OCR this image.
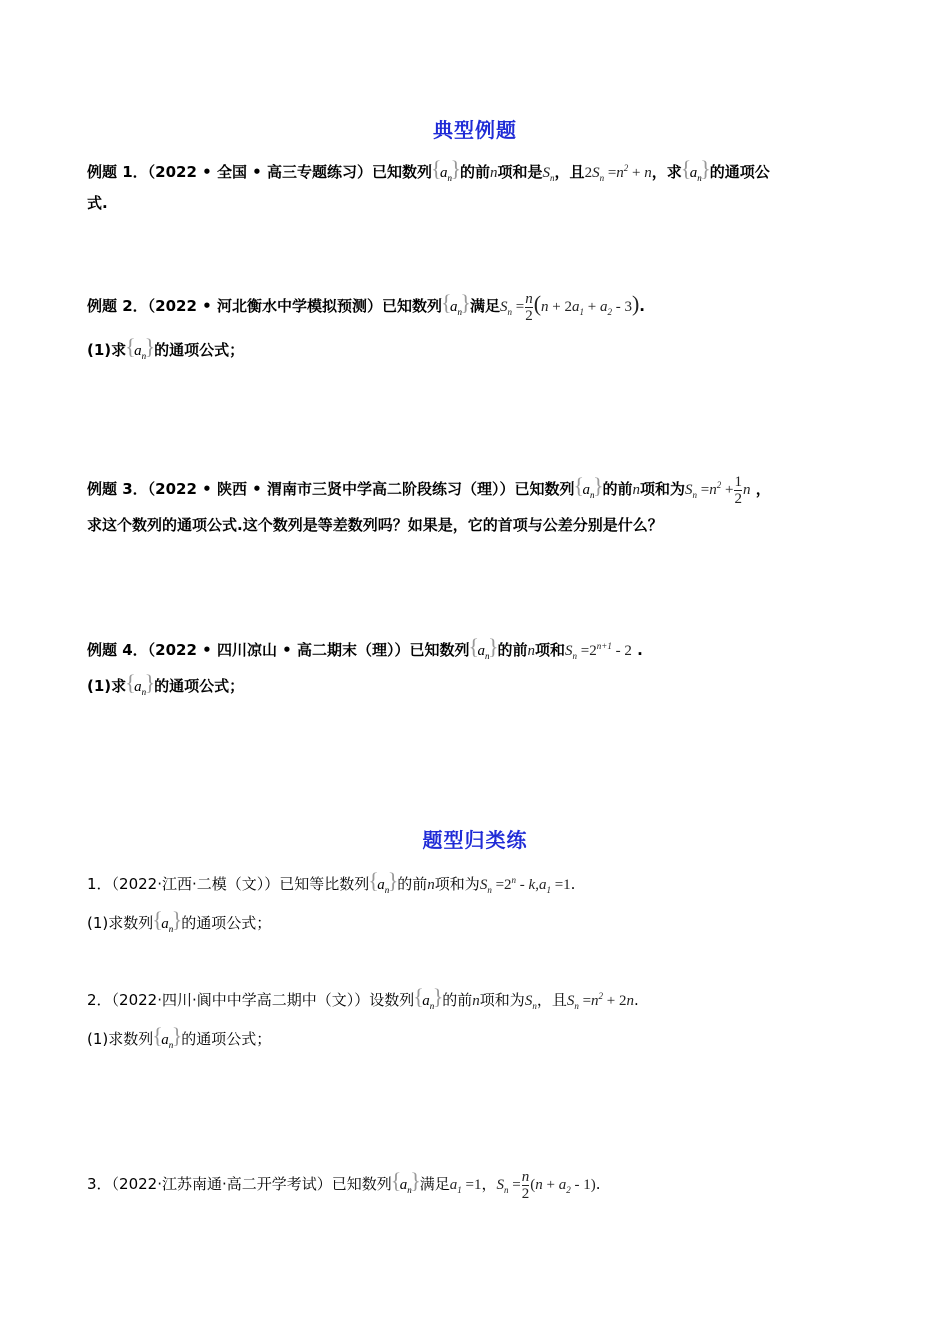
典型例题
例题 1．（2022 • 全国 • 高三专题练习）已知数列 { $a_n$ } 的前n项和是$S_n$，且$2S_n =n^2 + n$，求 { $a_n$ } 的通项公
式.
例题 2．（2022 • 河北衡水中学模拟预测）已知数列 { $a_n$ } 满足$S_n = \frac{n}{2} (n + 2a_1 + a_2 - 3)$.
(1)求 { $a_n$ } 的通项公式；
例题 3．（2022 • 陕西 • 渭南市三贤中学高二阶段练习（理））已知数列 { $a_n$ } 的前n项和为$S_n =n^2 + \frac{1}{2}$ n ，
求这个数列的通项公式.这个数列是等差数列吗？如果是，它的首项与公差分别是什么？
例题 4．（2022 • 四川凉山 • 高二期末（理））已知数列 { $a_n$ } 的前n项和$S_n =2^{n+1} - 2$ .
(1)求 { $a_n$ } 的通项公式；
题型归类练
1．（2022·江西·二模（文））已知等比数列 { $a_n$ } 的前n项和为$S_n =2^n - k,a_1 =1$.
(1)求数列 { $a_n$ } 的通项公式；
2．（2022·四川·阆中中学高二期中（文））设数列 { $a_n$ } 的前n项和为$S_n$，且$S_n =n^2 + 2n$.
(1)求数列 { $a_n$ } 的通项公式；
3．（2022·江苏南通·高二开学考试）已知数列 { $a_n$ } 满足$a_1 =1$，$S_n = \frac{n}{2} (n + a_2 - 1)$.
